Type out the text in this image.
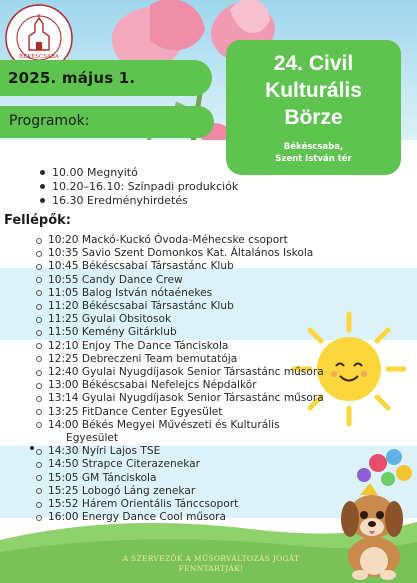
BÉKÉSCSABA
2025. május 1.
Programok:
24. Civil
Kulturális
Börze
Békéscsaba,
Szent István tér
10.00 Megnyitó
10.20–16.10: Színpadi produkciók
16.30 Eredményhirdetés
Fellépők:
10:20 Mackó-Kuckó Óvoda-Méhecske csoport
10:35 Savio Szent Domonkos Kat. Általános Iskola
10:45 Békéscsabai Társastánc Klub
10:55 Candy Dance Crew
11:05 Balog István nótaénekes
11:20 Békéscsabai Társastánc Klub
11:25 Gyulai Obsitosok
11:50 Kemény Gitárklub
12:10 Enjoy The Dance Tánciskola
12:25 Debreczeni Team bemutatója
12:40 Gyulai Nyugdíjasok Senior Társastánc műsora
13:00 Békéscsabai Nefelejcs Népdalkör
13:14 Gyulai Nyugdíjasok Senior Társastánc műsora
13:25 FitDance Center Egyesület
14:00 Békés Megyei Művészeti és Kulturális
Egyesület
14:30 Nyíri Lajos TSE
14:50 Strapce Citerazenekar
15:05 GM Tánciskola
15:25 Lobogó Láng zenekar
15:52 Hárem Orientális Tánccsoport
16:00 Energy Dance Cool műsora
A SZERVEZŐK A MŰSORVÁLTOZÁS JOGÁT
FENNTARTJÁK!
